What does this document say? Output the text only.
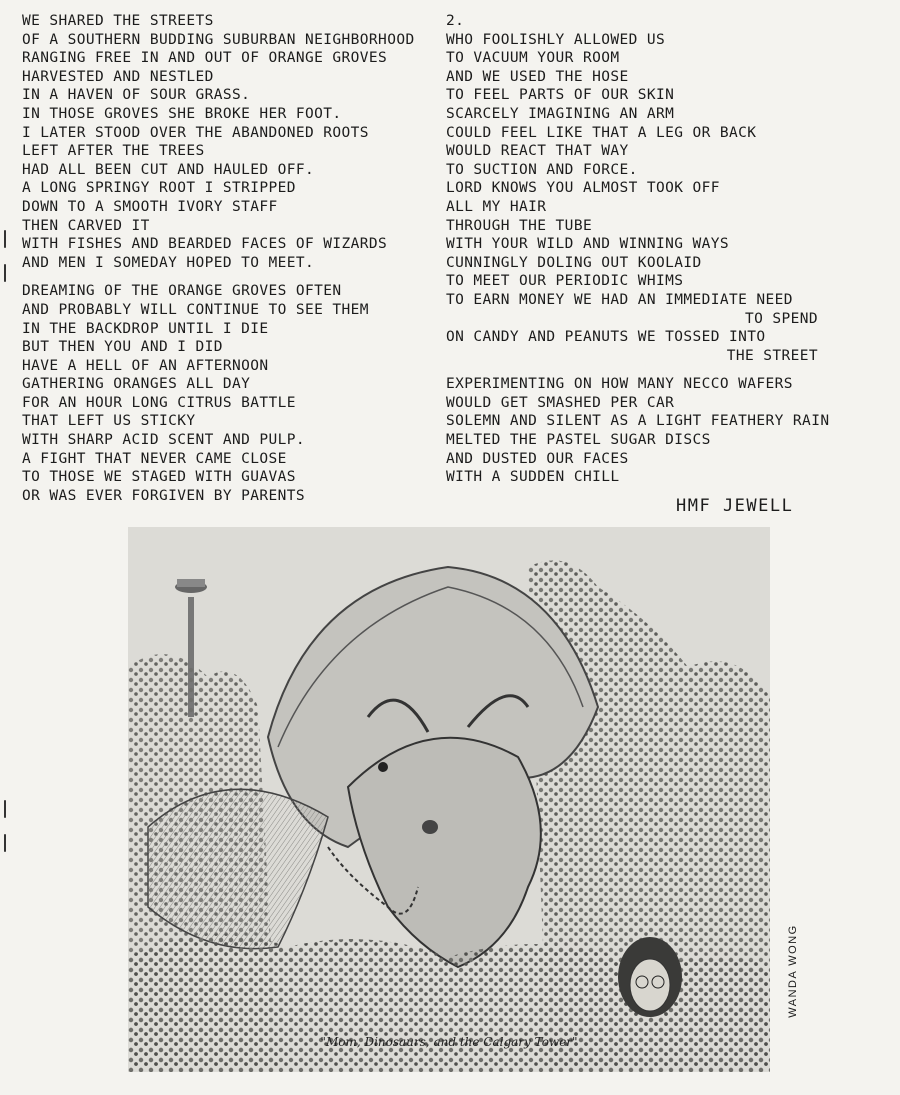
WE SHARED THE STREETS
OF A SOUTHERN BUDDING SUBURBAN NEIGHBORHOOD
RANGING FREE IN AND OUT OF ORANGE GROVES
HARVESTED AND NESTLED
IN A HAVEN OF SOUR GRASS.
IN THOSE GROVES SHE BROKE HER FOOT.
I LATER STOOD OVER THE ABANDONED ROOTS
LEFT AFTER THE TREES
HAD ALL BEEN CUT AND HAULED OFF.
A LONG SPRINGY ROOT I STRIPPED
DOWN TO A SMOOTH IVORY STAFF
THEN CARVED IT
WITH FISHES AND BEARDED FACES OF WIZARDS
AND MEN I SOMEDAY HOPED TO MEET.
DREAMING OF THE ORANGE GROVES OFTEN
AND PROBABLY WILL CONTINUE TO SEE THEM
IN THE BACKDROP UNTIL I DIE
BUT THEN YOU AND I DID
HAVE A HELL OF AN AFTERNOON
GATHERING ORANGES ALL DAY
FOR AN HOUR LONG CITRUS BATTLE
THAT LEFT US STICKY
WITH SHARP ACID SCENT AND PULP.
A FIGHT THAT NEVER CAME CLOSE
TO THOSE WE STAGED WITH GUAVAS
OR WAS EVER FORGIVEN BY PARENTS
2.
WHO FOOLISHLY ALLOWED US
TO VACUUM YOUR ROOM
AND WE USED THE HOSE
TO FEEL PARTS OF OUR SKIN
SCARCELY IMAGINING AN ARM
COULD FEEL LIKE THAT A LEG OR BACK
WOULD REACT THAT WAY
TO SUCTION AND FORCE.
LORD KNOWS YOU ALMOST TOOK OFF
ALL MY HAIR
THROUGH THE TUBE
WITH YOUR WILD AND WINNING WAYS
CUNNINGLY DOLING OUT KOOLAID
TO MEET OUR PERIODIC WHIMS
TO EARN MONEY WE HAD AN IMMEDIATE NEED
TO SPEND
ON CANDY AND PEANUTS WE TOSSED INTO
THE STREET
EXPERIMENTING ON HOW MANY NECCO WAFERS
WOULD GET SMASHED PER CAR
SOLEMN AND SILENT AS A LIGHT FEATHERY RAIN
MELTED THE PASTEL SUGAR DISCS
AND DUSTED OUR FACES
WITH A SUDDEN CHILL
HMF JEWELL
WANDA WONG
"Mom, Dinosaurs, and the Calgary Tower"
